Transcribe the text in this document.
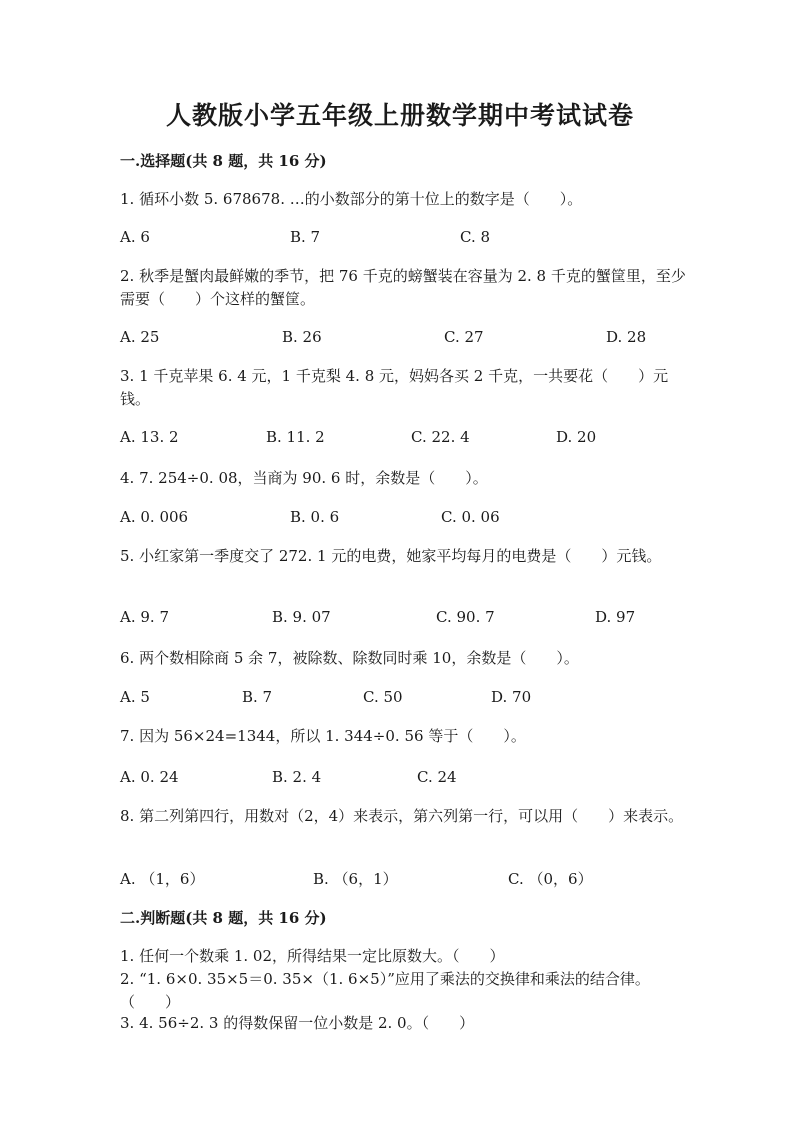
人教版小学五年级上册数学期中考试试卷
一.选择题(共 8 题，共 16 分)
1. 循环小数 5. 678678. …的小数部分的第十位上的数字是（　　）。
A. 6	B. 7	C. 8
2. 秋季是蟹肉最鲜嫩的季节，把 76 千克的螃蟹装在容量为 2. 8 千克的蟹筐里，至少需要（　　）个这样的蟹筐。
A. 25	B. 26	C. 27	D. 28
3. 1 千克苹果 6. 4 元，1 千克梨 4. 8 元，妈妈各买 2 千克，一共要花（　　）元钱。
A. 13. 2	B. 11. 2	C. 22. 4	D. 20
4. 7. 254÷0. 08，当商为 90. 6 时，余数是（　　）。
A. 0. 006	B. 0. 6	C. 0. 06
5. 小红家第一季度交了 272. 1 元的电费，她家平均每月的电费是（　　）元钱。
A. 9. 7	B. 9. 07	C. 90. 7	D. 97
6. 两个数相除商 5 余 7，被除数、除数同时乘 10，余数是（　　）。
A. 5	B. 7	C. 50	D. 70
7. 因为 56×24=1344，所以 1. 344÷0. 56 等于（　　）。
A. 0. 24	B. 2. 4	C. 24
8. 第二列第四行，用数对（2，4）来表示，第六列第一行，可以用（　　）来表示。
A. （1，6）	B. （6，1）	C. （0，6）
二.判断题(共 8 题，共 16 分)
1. 任何一个数乘 1. 02，所得结果一定比原数大。（　　）
2. “1. 6×0. 35×5＝0. 35×（1. 6×5）”应用了乘法的交换律和乘法的结合律。（　　）
3. 4. 56÷2. 3 的得数保留一位小数是 2. 0。（　　）
